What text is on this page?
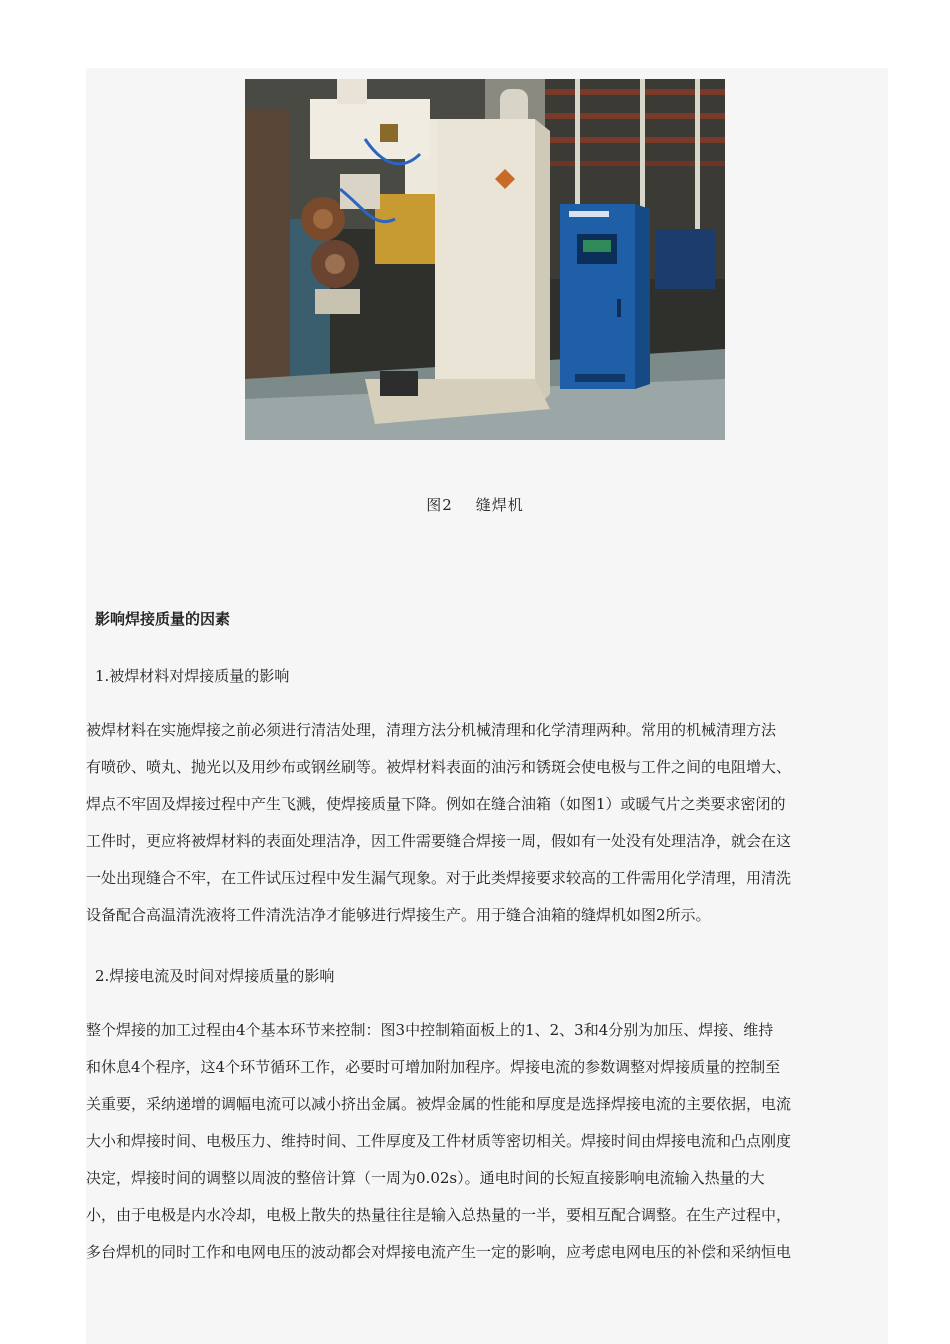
图2    缝焊机
影响焊接质量的因素
1.被焊材料对焊接质量的影响
被焊材料在实施焊接之前必须进行清洁处理，清理方法分机械清理和化学清理两种。常用的机械清理方法
有喷砂、喷丸、抛光以及用纱布或钢丝刷等。被焊材料表面的油污和锈斑会使电极与工件之间的电阻增大、
焊点不牢固及焊接过程中产生飞溅，使焊接质量下降。例如在缝合油箱（如图1）或暖气片之类要求密闭的
工件时，更应将被焊材料的表面处理洁净，因工件需要缝合焊接一周，假如有一处没有处理洁净，就会在这
一处出现缝合不牢，在工件试压过程中发生漏气现象。对于此类焊接要求较高的工件需用化学清理，用清洗
设备配合高温清洗液将工件清洗洁净才能够进行焊接生产。用于缝合油箱的缝焊机如图2所示。
2.焊接电流及时间对焊接质量的影响
整个焊接的加工过程由4个基本环节来控制：图3中控制箱面板上的1、2、3和4分别为加压、焊接、维持
和休息4个程序，这4个环节循环工作，必要时可增加附加程序。焊接电流的参数调整对焊接质量的控制至
关重要，采纳递增的调幅电流可以减小挤出金属。被焊金属的性能和厚度是选择焊接电流的主要依据，电流
大小和焊接时间、电极压力、维持时间、工件厚度及工件材质等密切相关。焊接时间由焊接电流和凸点刚度
决定，焊接时间的调整以周波的整倍计算（一周为0.02s）。通电时间的长短直接影响电流输入热量的大
小，由于电极是内水冷却，电极上散失的热量往往是输入总热量的一半，要相互配合调整。在生产过程中，
多台焊机的同时工作和电网电压的波动都会对焊接电流产生一定的影响，应考虑电网电压的补偿和采纳恒电
